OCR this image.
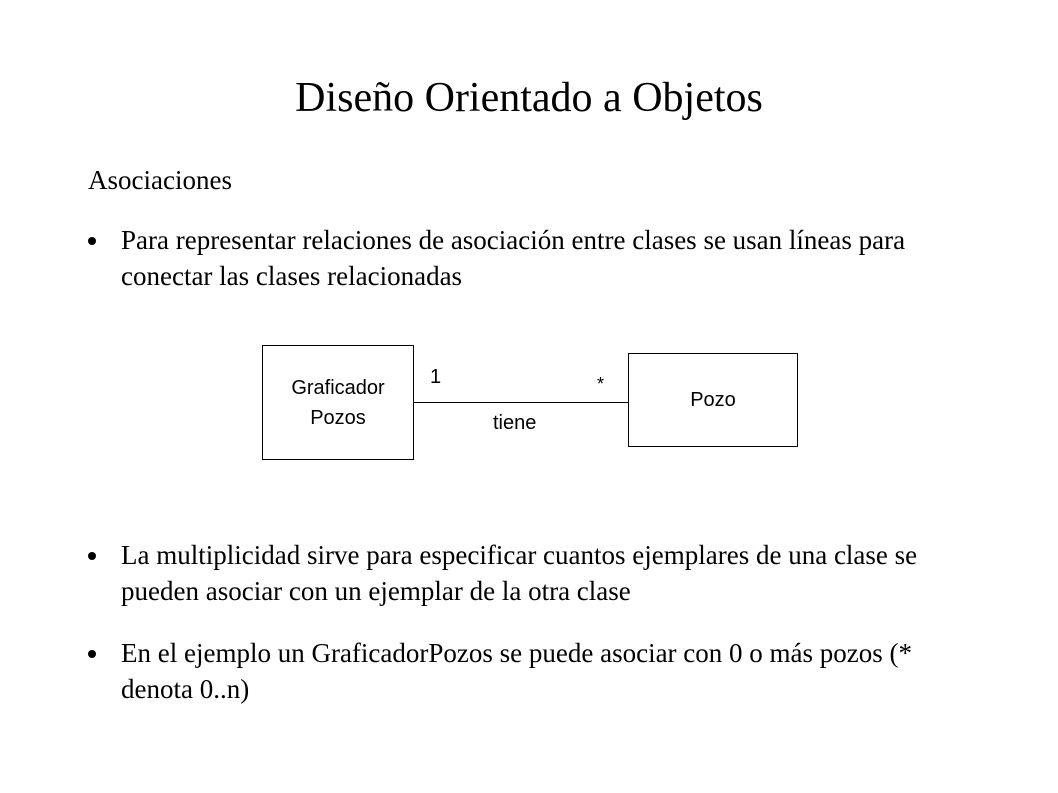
Diseño Orientado a Objetos
Asociaciones
Para representar relaciones de asociación entre clases se usan líneas para conectar las clases relacionadas
Graficador
Pozos
Pozo
1	*
tiene
La multiplicidad sirve para especificar cuantos ejemplares de una clase se pueden asociar con un ejemplar de la otra clase
En el ejemplo un GraficadorPozos se puede asociar con 0 o más pozos (* denota 0..n)
